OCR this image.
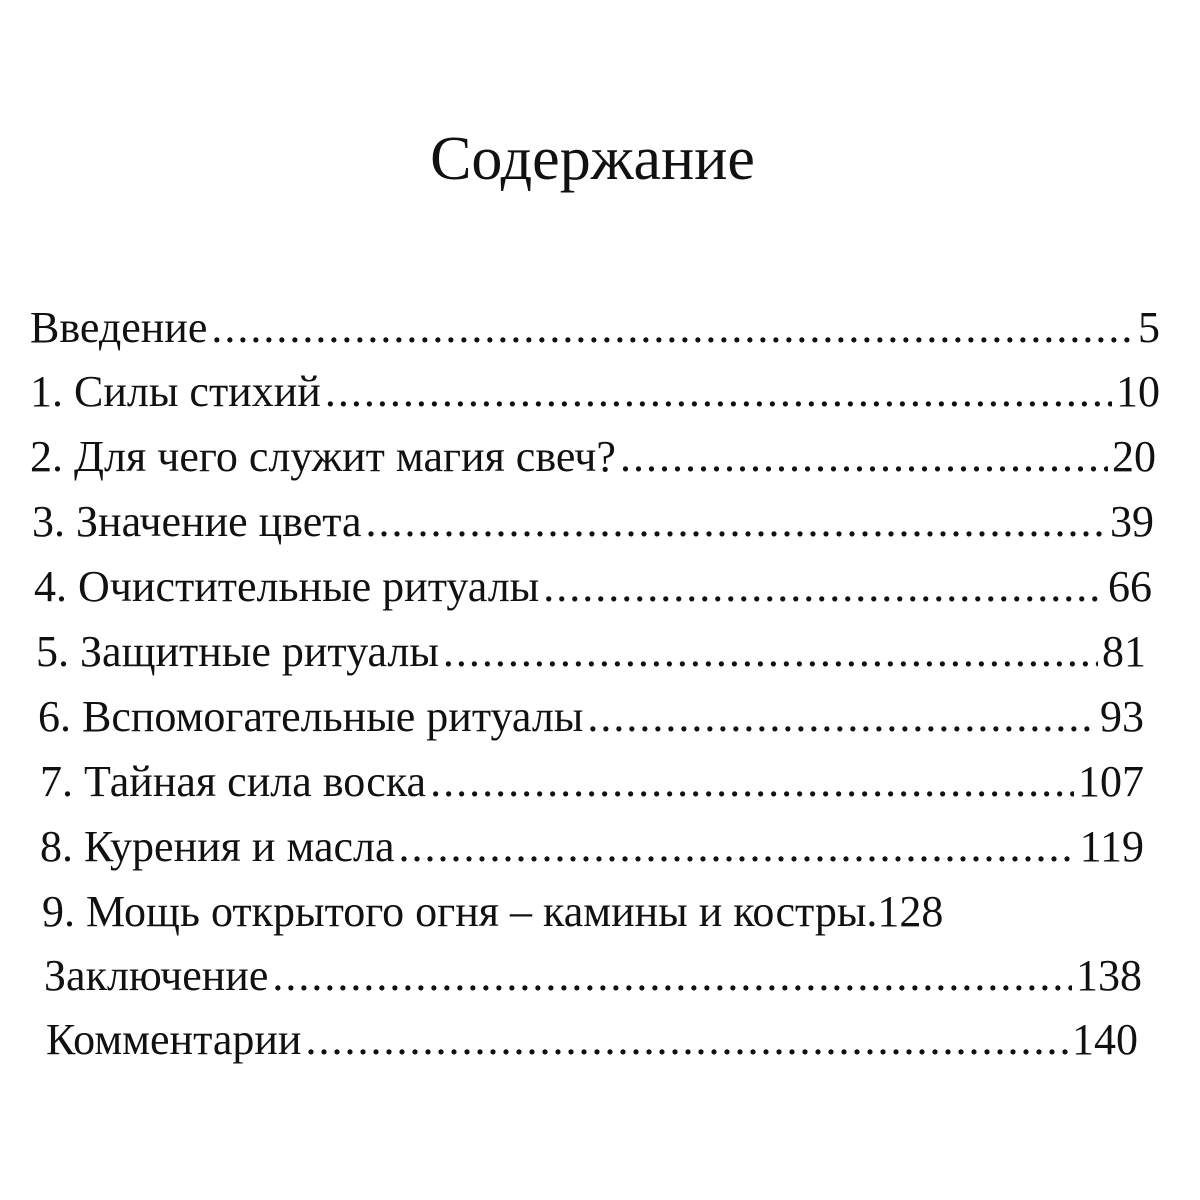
Содержание
Введение .....	5
1. Силы стихий .....	10
2. Для чего служит магия свеч? .....	20
3. Значение цвета .....	39
4. Очистительные ритуалы .....	66
5. Защитные ритуалы .....	81
6. Вспомогательные ритуалы .....	93
7. Тайная сила воска .....	107
8. Курения и масла .....	119
9. Мощь открытого огня – камины и костры. 128
Заключение .....	138
Комментарии .....	140
